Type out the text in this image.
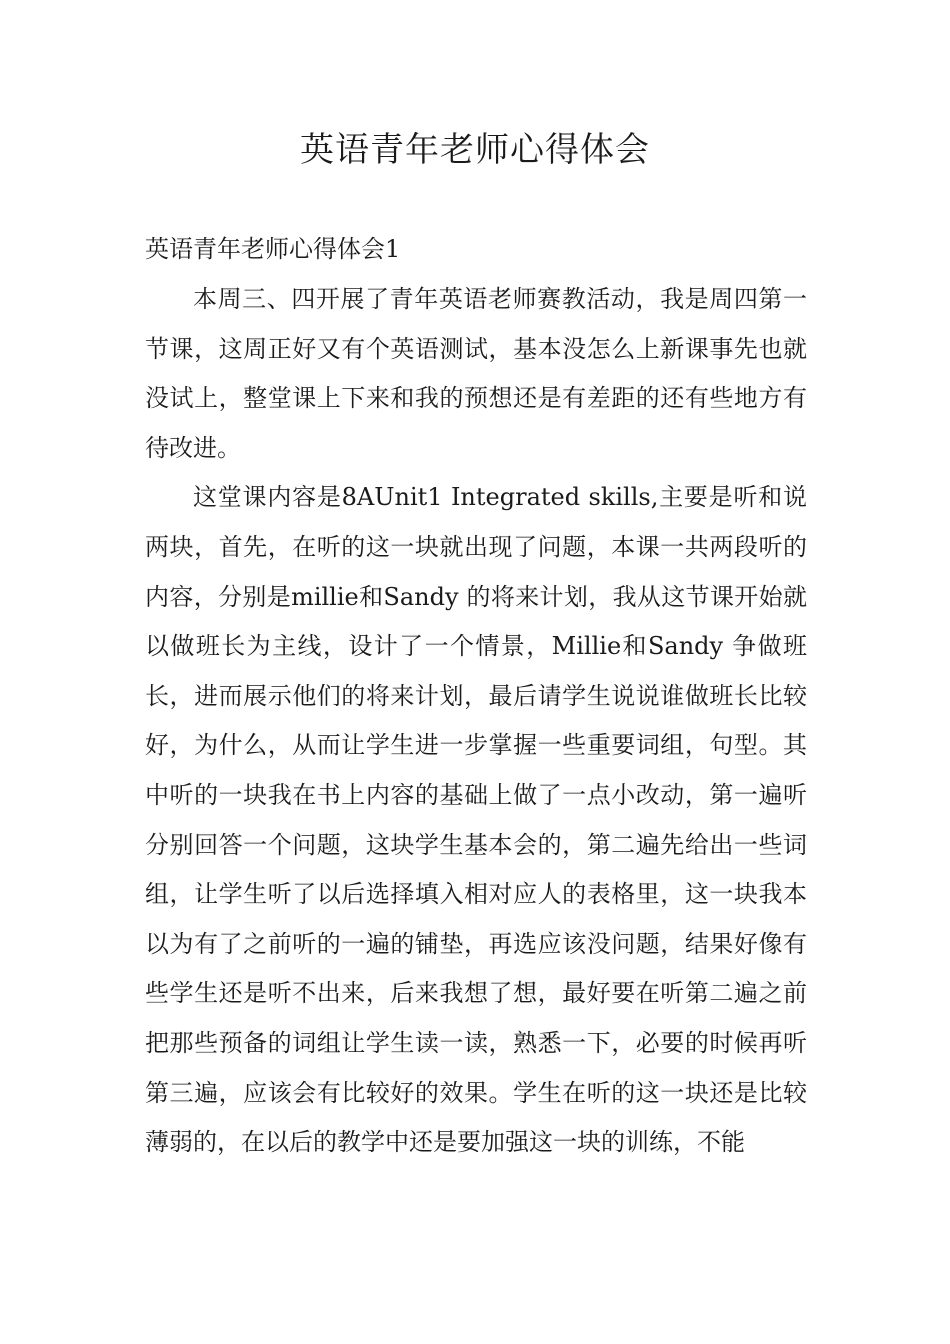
英语青年老师心得体会
英语青年老师心得体会1

本周三、四开展了青年英语老师赛教活动，我是周四第一节课，这周正好又有个英语测试，基本没怎么上新课事先也就没试上，整堂课上下来和我的预想还是有差距的还有些地方有待改进。

这堂课内容是8AUnit1 Integrated skills,主要是听和说两块，首先，在听的这一块就出现了问题，本课一共两段听的内容，分别是millie和Sandy 的将来计划，我从这节课开始就以做班长为主线，设计了一个情景，Millie和Sandy 争做班长，进而展示他们的将来计划，最后请学生说说谁做班长比较好，为什么，从而让学生进一步掌握一些重要词组，句型。其中听的一块我在书上内容的基础上做了一点小改动，第一遍听分别回答一个问题，这块学生基本会的，第二遍先给出一些词组，让学生听了以后选择填入相对应人的表格里，这一块我本以为有了之前听的一遍的铺垫，再选应该没问题，结果好像有些学生还是听不出来，后来我想了想，最好要在听第二遍之前把那些预备的词组让学生读一读，熟悉一下，必要的时候再听第三遍，应该会有比较好的效果。学生在听的这一块还是比较薄弱的，在以后的教学中还是要加强这一块的训练，不能
